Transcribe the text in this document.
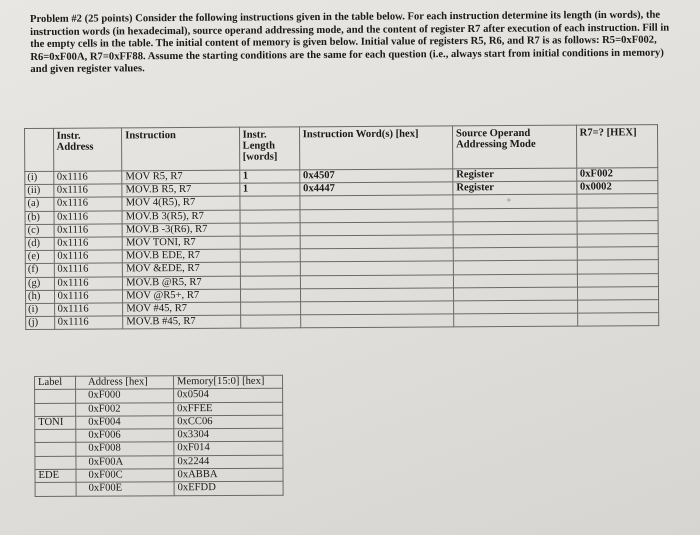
Problem #2 (25 points) Consider the following instructions given in the table below. For each instruction determine its length (in words), the instruction words (in hexadecimal), source operand addressing mode, and the content of register R7 after execution of each instruction. Fill in the empty cells in the table. The initial content of memory is given below. Initial value of registers R5, R6, and R7 is as follows: R5=0xF002, R6=0xF00A, R7=0xFF88. Assume the starting conditions are the same for each question (i.e., always start from initial conditions in memory) and given register values.
	Instr. Address	Instruction	Instr. Length [words]	Instruction Word(s) [hex]	Source Operand Addressing Mode	R7=? [HEX]
(i)	0x1116	MOV R5, R7	1	0x4507	Register	0xF002
(ii)	0x1116	MOV.B R5, R7	1	0x4447	Register	0x0002
(a)	0x1116	MOV 4(R5), R7			+	
(b)	0x1116	MOV.B 3(R5), R7				
(c)	0x1116	MOV.B -3(R6), R7				
(d)	0x1116	MOV TONI, R7				
(e)	0x1116	MOV.B EDE, R7				
(f)	0x1116	MOV &EDE, R7				
(g)	0x1116	MOV.B @R5, R7				
(h)	0x1116	MOV @R5+, R7				
(i)	0x1116	MOV #45, R7				
(j)	0x1116	MOV.B #45, R7				
Label	Address [hex]	Memory[15:0] [hex]
	0xF000	0x0504
	0xF002	0xFFEE
TONI	0xF004	0xCC06
	0xF006	0x3304
	0xF008	0xF014
	0xF00A	0x2244
EDE	0xF00C	0xABBA
	0xF00E	0xEFDD
